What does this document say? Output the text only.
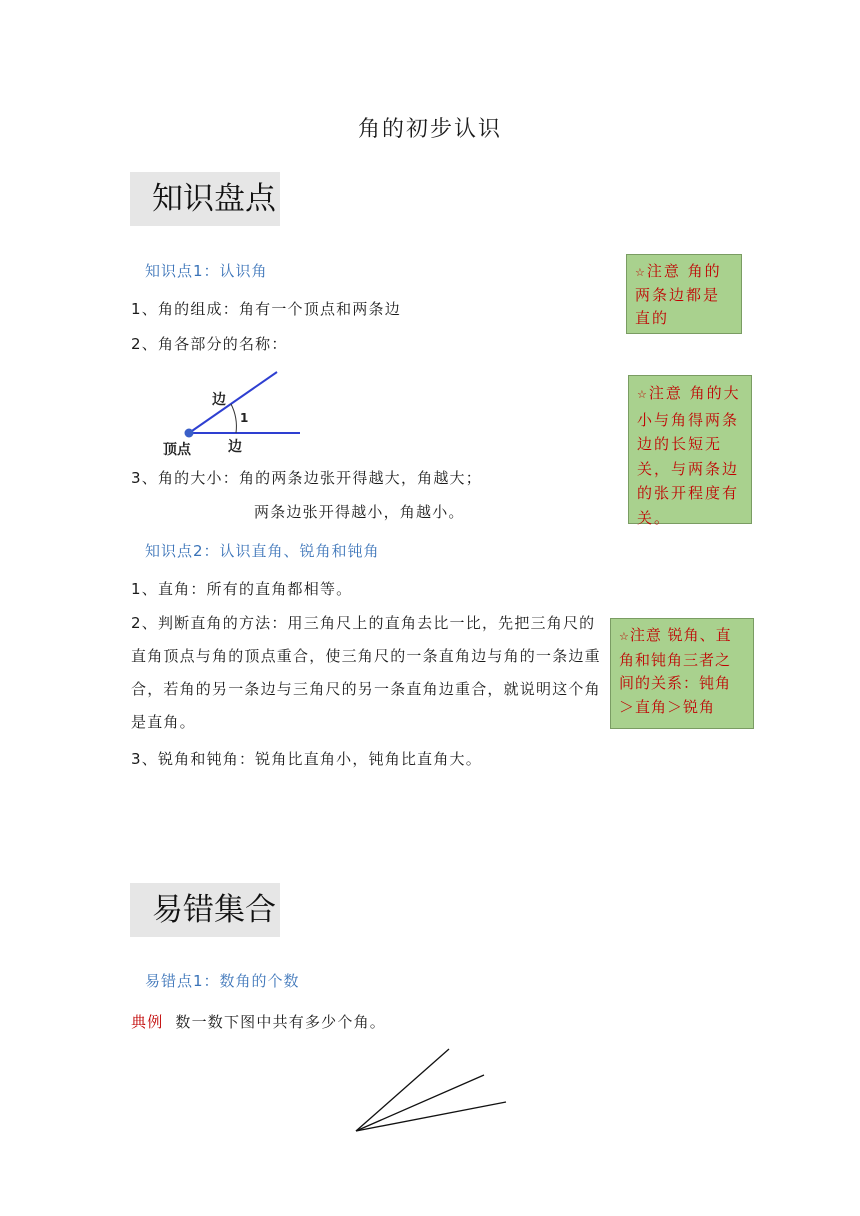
角的初步认识
知识盘点
知识点1：认识角
1、角的组成：角有一个顶点和两条边
2、角各部分的名称：
边
1
顶点	边
3、角的大小：角的两条边张开得越大，角越大；
两条边张开得越小，角越小。
知识点2：认识直角、锐角和钝角
1、直角：所有的直角都相等。
2、判断直角的方法：用三角尺上的直角去比一比，先把三角尺的直角顶点与角的顶点重合，使三角尺的一条直角边与角的一条边重合，若角的另一条边与三角尺的另一条直角边重合，就说明这个角是直角。
3、锐角和钝角：锐角比直角小，钝角比直角大。
☆注意 角的两条边都是直的
☆注意 角的大小与角得两条边的长短无关，与两条边的张开程度有关。
☆注意 锐角、直角和钝角三者之间的关系：钝角＞直角＞锐角
易错集合
易错点1：数角的个数
典例 数一数下图中共有多少个角。
